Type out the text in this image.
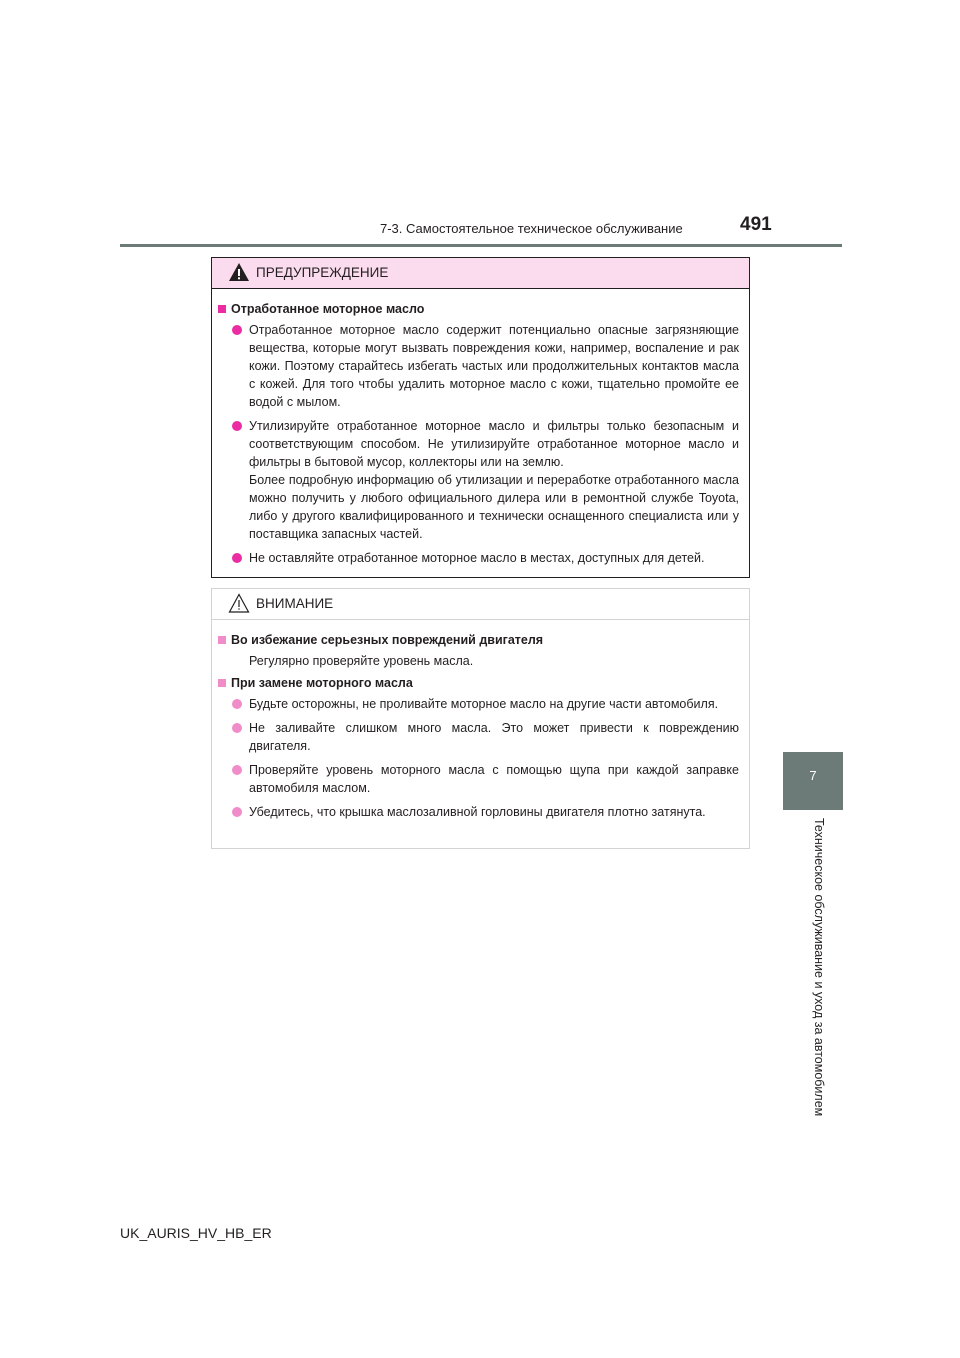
7-3. Самостоятельное техническое обслуживание	491
7
Техническое обслуживание и уход за автомобилем
ПРЕДУПРЕЖДЕНИЕ
Отработанное моторное масло
Отработанное моторное масло содержит потенциально опасные загрязняющие вещества, которые могут вызвать повреждения кожи, например, воспаление и рак кожи. Поэтому старайтесь избегать частых или продолжительных контактов масла с кожей. Для того чтобы удалить моторное масло с кожи, тщательно промойте ее водой с мылом.
Утилизируйте отработанное моторное масло и фильтры только безопасным и соответствующим способом. Не утилизируйте отработанное моторное масло и фильтры в бытовой мусор, коллекторы или на землю.
Более подробную информацию об утилизации и переработке отработанного масла можно получить у любого официального дилера или в ремонтной службе Toyota, либо у другого квалифицированного и технически оснащенного специалиста или у поставщика запасных частей.
Не оставляйте отработанное моторное масло в местах, доступных для детей.
ВНИМАНИЕ
Во избежание серьезных повреждений двигателя
Регулярно проверяйте уровень масла.
При замене моторного масла
Будьте осторожны, не проливайте моторное масло на другие части автомобиля.
Не заливайте слишком много масла. Это может привести к повреждению двигателя.
Проверяйте уровень моторного масла с помощью щупа при каждой заправке автомобиля маслом.
Убедитесь, что крышка маслозаливной горловины двигателя плотно затянута.
UK_AURIS_HV_HB_ER
